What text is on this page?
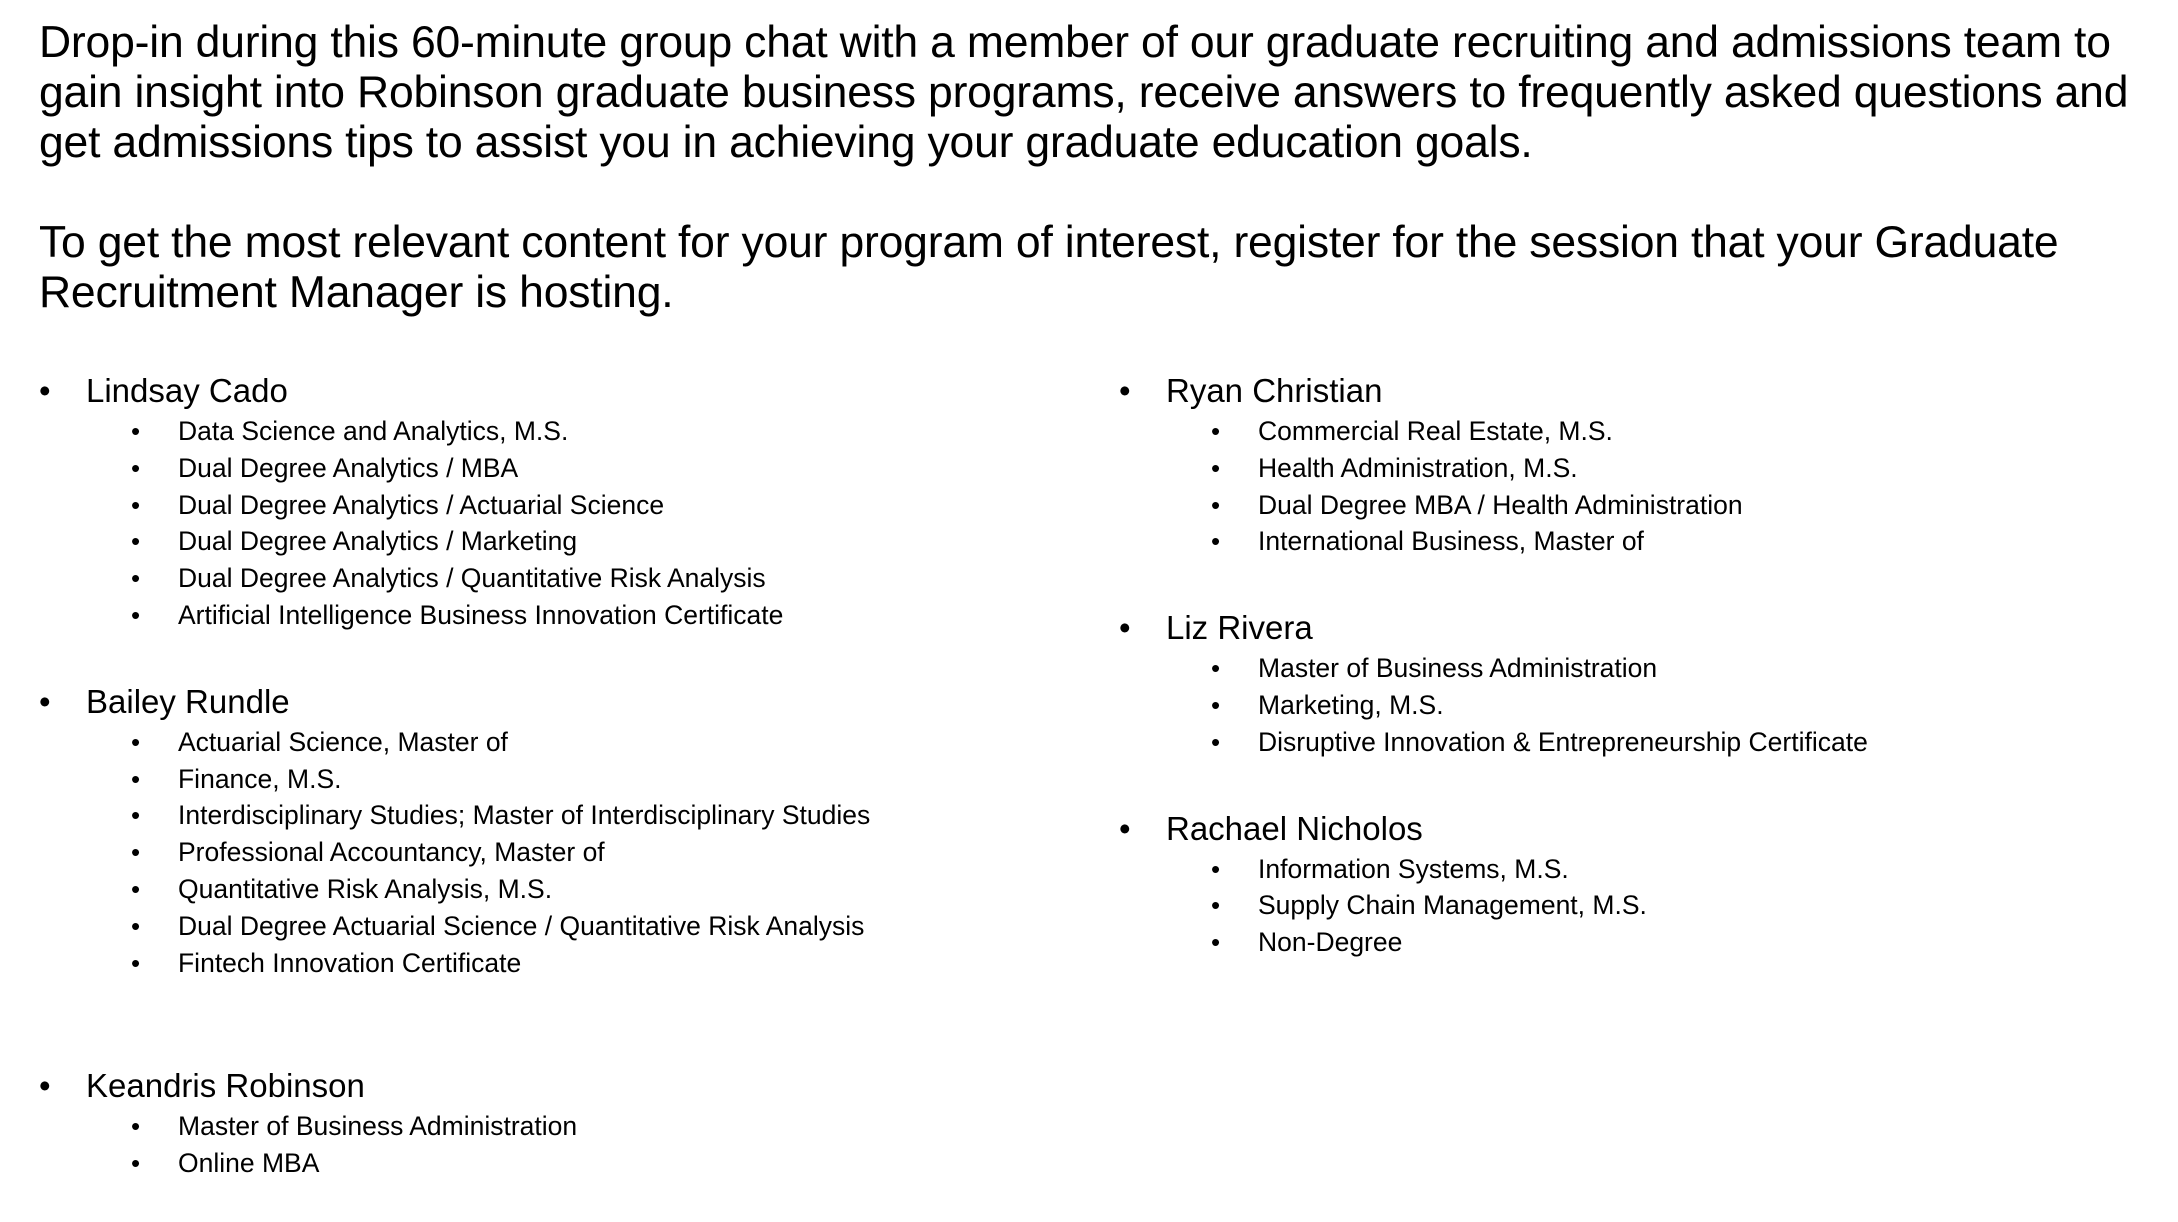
Drop-in during this 60-minute group chat with a member of our graduate recruiting and admissions team to gain insight into Robinson graduate business programs, receive answers to frequently asked questions and get admissions tips to assist you in achieving your graduate education goals.

To get the most relevant content for your program of interest, register for the session that your Graduate Recruitment Manager is hosting.

• Lindsay Cado
• Data Science and Analytics, M.S.
• Dual Degree Analytics / MBA
• Dual Degree Analytics / Actuarial Science
• Dual Degree Analytics / Marketing
• Dual Degree Analytics / Quantitative Risk Analysis
• Artificial Intelligence Business Innovation Certificate
• Bailey Rundle
• Actuarial Science, Master of
• Finance, M.S.
• Interdisciplinary Studies; Master of Interdisciplinary Studies
• Professional Accountancy, Master of
• Quantitative Risk Analysis, M.S.
• Dual Degree Actuarial Science / Quantitative Risk Analysis
• Fintech Innovation Certificate
• Keandris Robinson
• Master of Business Administration
• Online MBA
• Ryan Christian
• Commercial Real Estate, M.S.
• Health Administration, M.S.
• Dual Degree MBA / Health Administration
• International Business, Master of
• Liz Rivera
• Master of Business Administration
• Marketing, M.S.
• Disruptive Innovation & Entrepreneurship Certificate
• Rachael Nicholos
• Information Systems, M.S.
• Supply Chain Management, M.S.
• Non-Degree
